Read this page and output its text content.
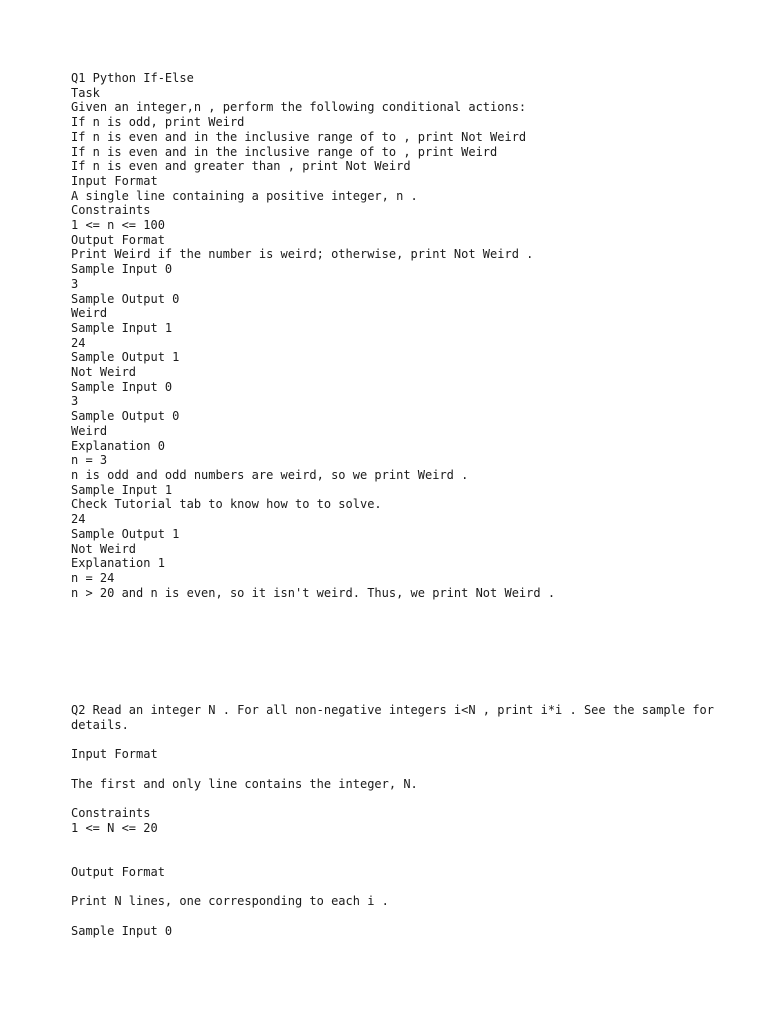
Q1 Python If-Else
Task
Given an integer,n , perform the following conditional actions:
If n is odd, print Weird
If n is even and in the inclusive range of to , print Not Weird
If n is even and in the inclusive range of to , print Weird
If n is even and greater than , print Not Weird
Input Format
A single line containing a positive integer, n .
Constraints
1 <= n <= 100
Output Format
Print Weird if the number is weird; otherwise, print Not Weird .
Sample Input 0
3
Sample Output 0
Weird
Sample Input 1
24
Sample Output 1
Not Weird
Sample Input 0
3
Sample Output 0
Weird
Explanation 0
n = 3
n is odd and odd numbers are weird, so we print Weird .
Sample Input 1
Check Tutorial tab to know how to to solve.
24
Sample Output 1
Not Weird
Explanation 1
n = 24
n > 20 and n is even, so it isn't weird. Thus, we print Not Weird .
Q2 Read an integer N . For all non-negative integers i<N , print i*i . See the sample for details.
Input Format
The first and only line contains the integer, N.
Constraints
1 <= N <= 20
Output Format
Print N lines, one corresponding to each i .
Sample Input 0
